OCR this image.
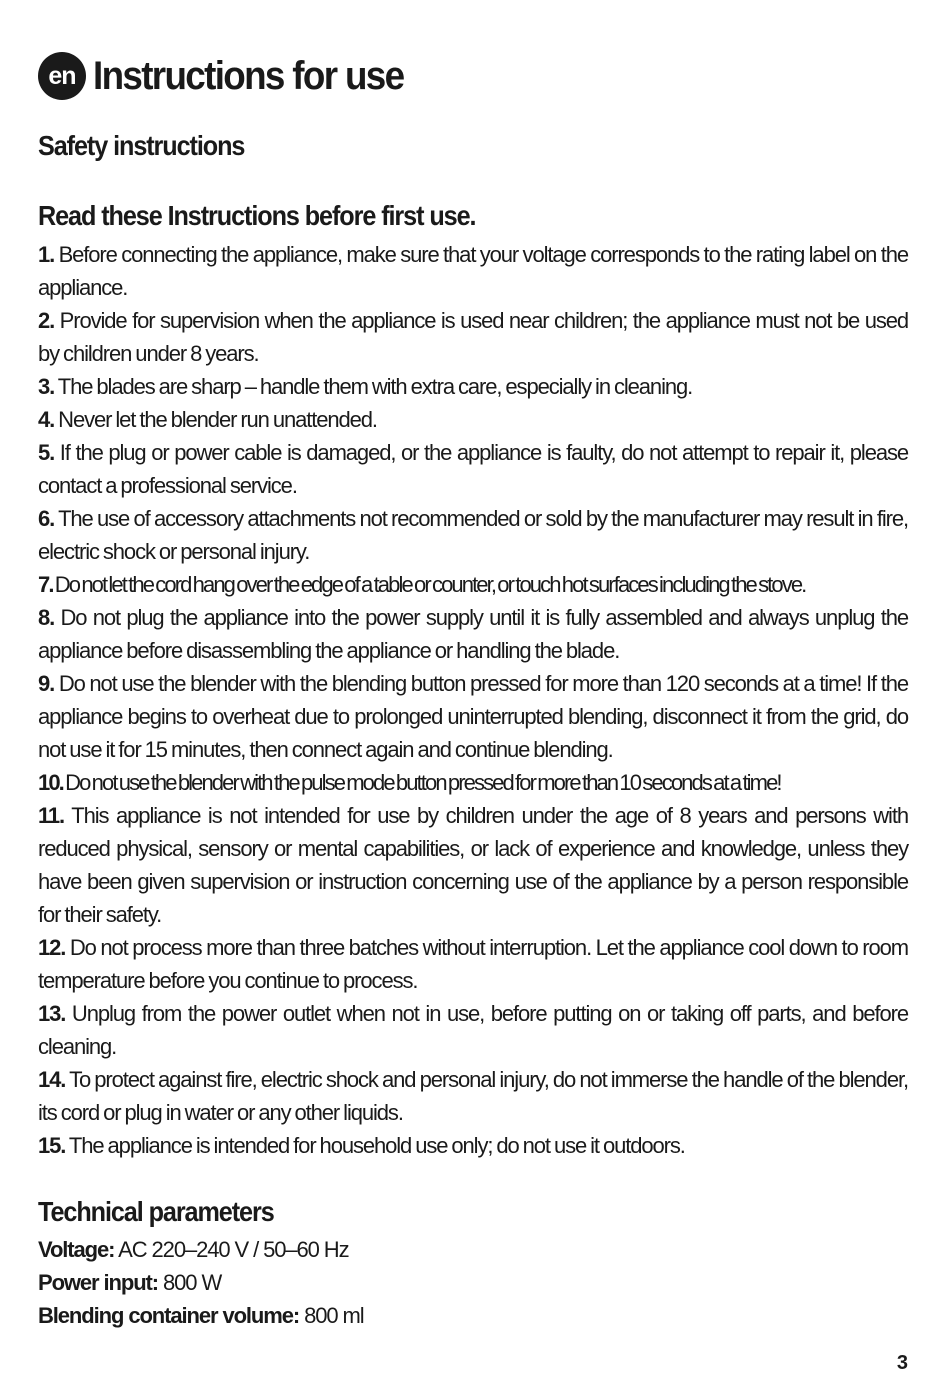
en Instructions for use
Safety instructions
Read these Instructions before first use.
1. Before connecting the appliance, make sure that your voltage corresponds to the rating label on the appliance.
2. Provide for supervision when the appliance is used near children; the appliance must not be used by children under 8 years.
3. The blades are sharp – handle them with extra care, especially in cleaning.
4. Never let the blender run unattended.
5. If the plug or power cable is damaged, or the appliance is faulty, do not attempt to repair it, please contact a professional service.
6. The use of accessory attachments not recommended or sold by the manufacturer may result in fire, electric shock or personal injury.
7. Do not let the cord hang over the edge of a table or counter, or touch hot surfaces including the stove.
8. Do not plug the appliance into the power supply until it is fully assembled and always unplug the appliance before disassembling the appliance or handling the blade.
9. Do not use the blender with the blending button pressed for more than 120 seconds at a time! If the appliance begins to overheat due to prolonged uninterrupted blending, disconnect it from the grid, do not use it for 15 minutes, then connect again and continue blending.
10. Do not use the blender with the pulse mode button pressed for more than 10 seconds at a time!
11. This appliance is not intended for use by children under the age of 8 years and persons with reduced physical, sensory or mental capabilities, or lack of experience and knowledge, unless they have been given supervision or instruction concerning use of the appliance by a person responsible for their safety.
12. Do not process more than three batches without interruption. Let the appliance cool down to room temperature before you continue to process.
13. Unplug from the power outlet when not in use, before putting on or taking off parts, and before cleaning.
14. To protect against fire, electric shock and personal injury, do not immerse the handle of the blender, its cord or plug in water or any other liquids.
15. The appliance is intended for household use only; do not use it outdoors.
Technical parameters
Voltage: AC 220–240 V / 50–60 Hz
Power input: 800 W
Blending container volume: 800 ml
3
